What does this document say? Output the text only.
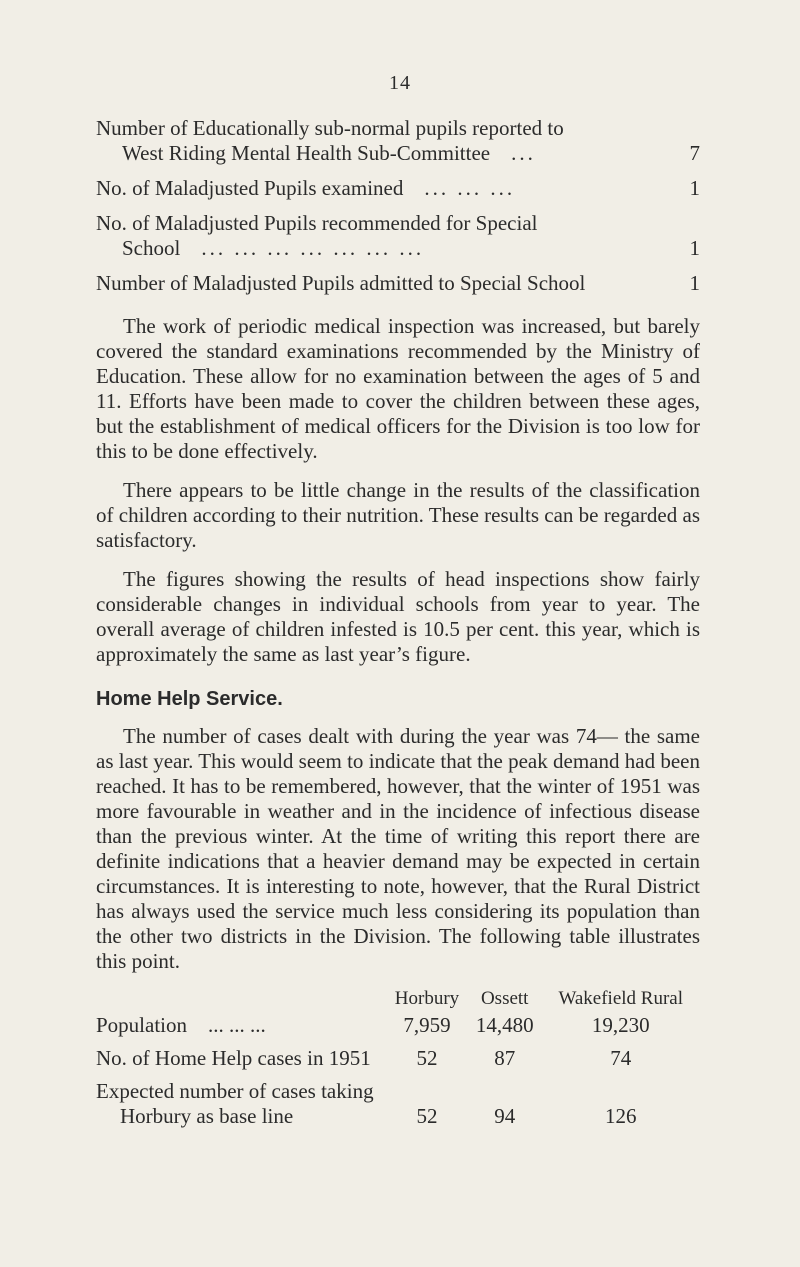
14
Number of Educationally sub-normal pupils reported to
West Riding Mental Health Sub-Committee ...	7
No. of Maladjusted Pupils examined ... ... ...	1
No. of Maladjusted Pupils recommended for Special
School ... ... ... ... ... ... ...	1
Number of Maladjusted Pupils admitted to Special School	1

The work of periodic medical inspection was increased, but barely covered the standard examinations recommended by the Ministry of Education. These allow for no examination between the ages of 5 and 11. Efforts have been made to cover the children between these ages, but the establishment of medical officers for the Division is too low for this to be done effectively.

There appears to be little change in the results of the classification of children according to their nutrition. These results can be regarded as satisfactory.

The figures showing the results of head inspections show fairly considerable changes in individual schools from year to year. The overall average of children infested is 10.5 per cent. this year, which is approximately the same as last year’s figure.

Home Help Service.

The number of cases dealt with during the year was 74— the same as last year. This would seem to indicate that the peak demand had been reached. It has to be remembered, however, that the winter of 1951 was more favourable in weather and in the incidence of infectious disease than the previous winter. At the time of writing this report there are definite indications that a heavier demand may be expected in certain circumstances. It is interesting to note, however, that the Rural District has always used the service much less considering its population than the other two districts in the Division. The following table illustrates this point.

	Horbury	Ossett	Wakefield Rural
Population ... ... ...	7,959	14,480	19,230
No. of Home Help cases in 1951	52	87	74
Expected number of cases taking
Horbury as base line	52	94	126
